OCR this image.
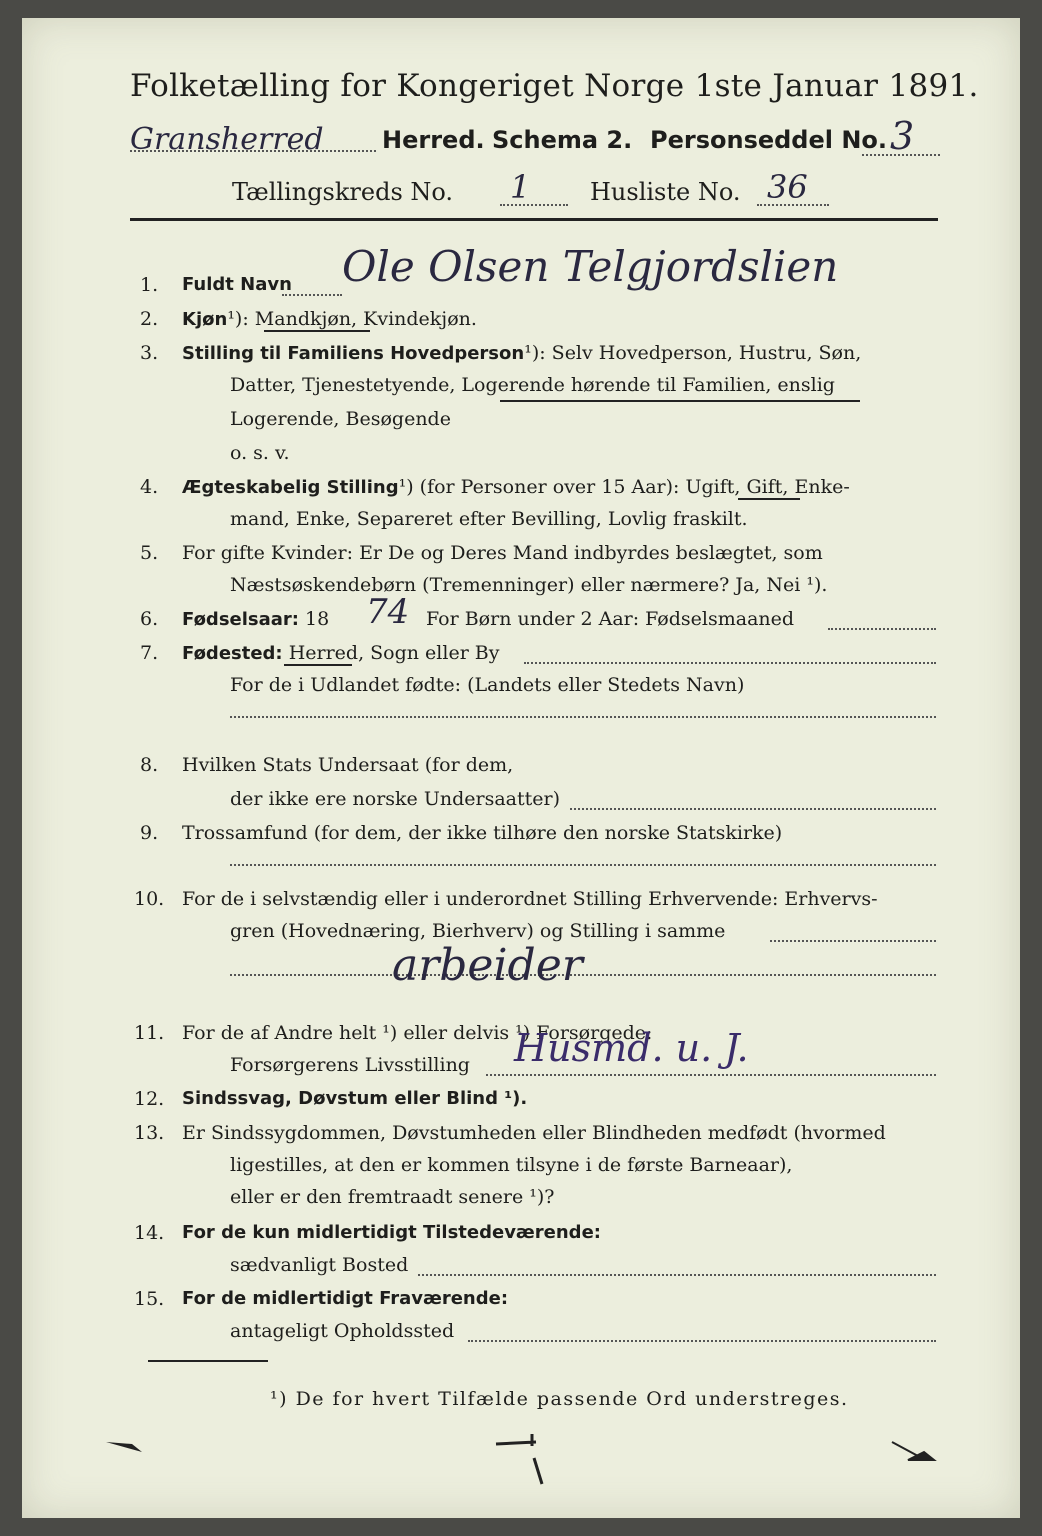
Folketælling for Kongeriget Norge 1ste Januar 1891.
Gransherred Herred. Schema 2. Personseddel No. 3
Tællingskreds No. 1 Husliste No. 36
1. Fuldt Navn Ole Olsen Telgjordslien
2. Kjøn¹): Mandkjøn, Kvindekjøn.
3. Stilling til Familiens Hovedperson¹): Selv Hovedperson, Hustru, Søn,
Datter, Tjenestetyende, Logerende hørende til Familien, enslig
Logerende, Besøgende
o. s. v.
4. Ægteskabelig Stilling¹) (for Personer over 15 Aar): Ugift, Gift, Enke-
mand, Enke, Separeret efter Bevilling, Lovlig fraskilt.
5. For gifte Kvinder: Er De og Deres Mand indbyrdes beslægtet, som
Næstsøskendebørn (Tremenninger) eller nærmere? Ja, Nei ¹).
6. Fødselsaar: 18 74 For Børn under 2 Aar: Fødselsmaaned
7. Fødested: Herred, Sogn eller By
For de i Udlandet fødte: (Landets eller Stedets Navn)
8. Hvilken Stats Undersaat (for dem,
der ikke ere norske Undersaatter)
9. Trossamfund (for dem, der ikke tilhøre den norske Statskirke)
10. For de i selvstændig eller i underordnet Stilling Erhvervende: Erhvervs-
gren (Hovednæring, Bierhverv) og Stilling i samme
arbeider
11. For de af Andre helt ¹) eller delvis ¹) Forsørgede:
Forsørgerens Livsstilling Husmd. u. J.
12. Sindssvag, Døvstum eller Blind ¹).
13. Er Sindssygdommen, Døvstumheden eller Blindheden medfødt (hvormed
ligestilles, at den er kommen tilsyne i de første Barneaar),
eller er den fremtraadt senere ¹)?
14. For de kun midlertidigt Tilstedeværende:
sædvanligt Bosted
15. For de midlertidigt Fraværende:
antageligt Opholdssted
¹) De for hvert Tilfælde passende Ord understreges.
